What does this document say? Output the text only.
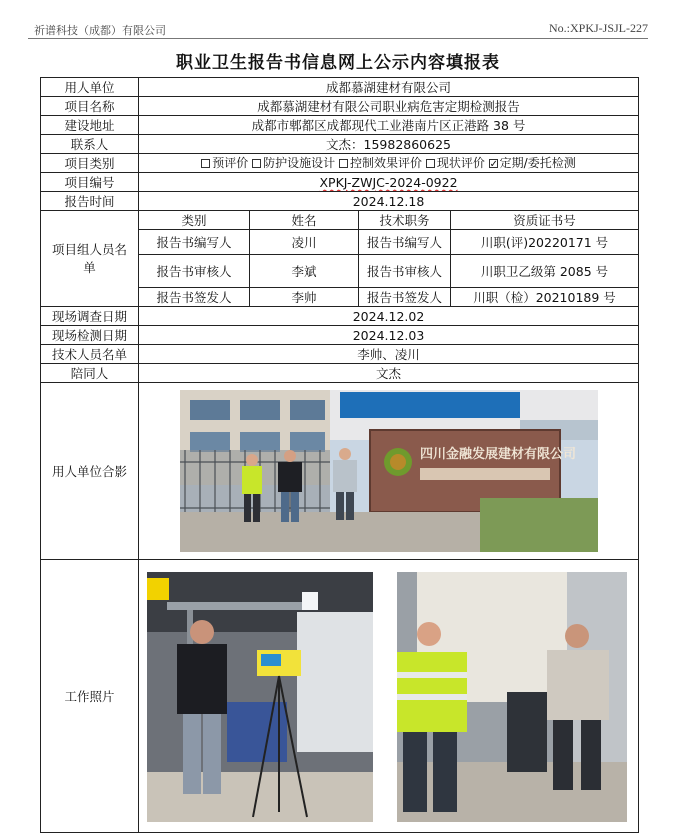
祈谱科技（成都）有限公司	No.:XPKJ-JSJL-227
职业卫生报告书信息网上公示内容填报表
用人单位	成都慕湖建材有限公司			
项目名称	成都慕湖建材有限公司职业病危害定期检测报告			
建设地址	成都市郫都区成都现代工业港南片区正港路 38 号			
联系人	文杰：15982860625			
项目类别	预评价 防护设施设计 控制效果评价 现状评价 ✓ 定期/委托检测
项目编号	XPKJ-ZWJC-2024-0922			
报告时间	2024.12.18			
项目组人员名单	类别	姓名	技术职务	资质证书号
	报告书编写人	凌川	报告书编写人	川职(评)20220171 号
	报告书审核人	李斌	报告书审核人	川职卫乙级第 2085 号
	报告书签发人	李帅	报告书签发人	川职（检）20210189 号
现场调查日期	2024.12.02			
现场检测日期	2024.12.03			
技术人员名单	李帅、凌川			
陪同人	文杰			
用人单位合影	四川金融发展建材有限公司			

工作照片	
